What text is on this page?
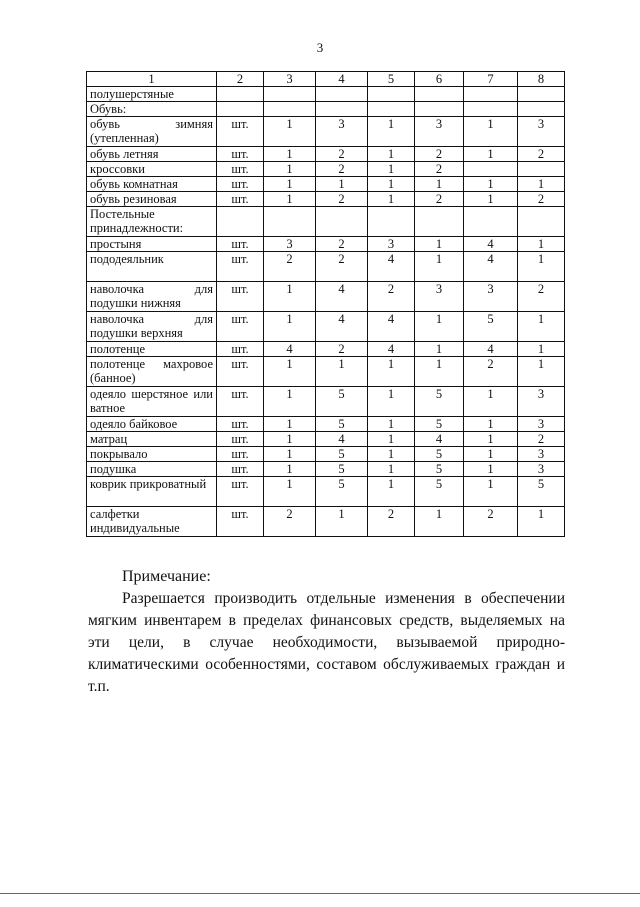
3
1	2	3	4	5	6	7	8
полушерстяные							
Обувь:							
обувь зимняя (утепленная)	шт.	1	3	1	3	1	3
обувь летняя	шт.	1	2	1	2	1	2
кроссовки	шт.	1	2	1	2		
обувь комнатная	шт.	1	1	1	1	1	1
обувь резиновая	шт.	1	2	1	2	1	2
Постельные принадлежности:							
простыня	шт.	3	2	3	1	4	1
пододеяльник	шт.	2	2	4	1	4	1
наволочка для подушки нижняя	шт.	1	4	2	3	3	2
наволочка для подушки верхняя	шт.	1	4	4	1	5	1
полотенце	шт.	4	2	4	1	4	1
полотенце махровое (банное)	шт.	1	1	1	1	2	1
одеяло шерстяное или ватное	шт.	1	5	1	5	1	3
одеяло байковое	шт.	1	5	1	5	1	3
матрац	шт.	1	4	1	4	1	2
покрывало	шт.	1	5	1	5	1	3
подушка	шт.	1	5	1	5	1	3
коврик прикроватный	шт.	1	5	1	5	1	5
салфетки индивидуальные	шт.	2	1	2	1	2	1
Примечание:
Разрешается производить отдельные изменения в обеспечении мягким инвентарем в пределах финансовых средств, выделяемых на эти цели, в случае необходимости, вызываемой природно-климатическими особенностями, составом обслуживаемых граждан и т.п.
